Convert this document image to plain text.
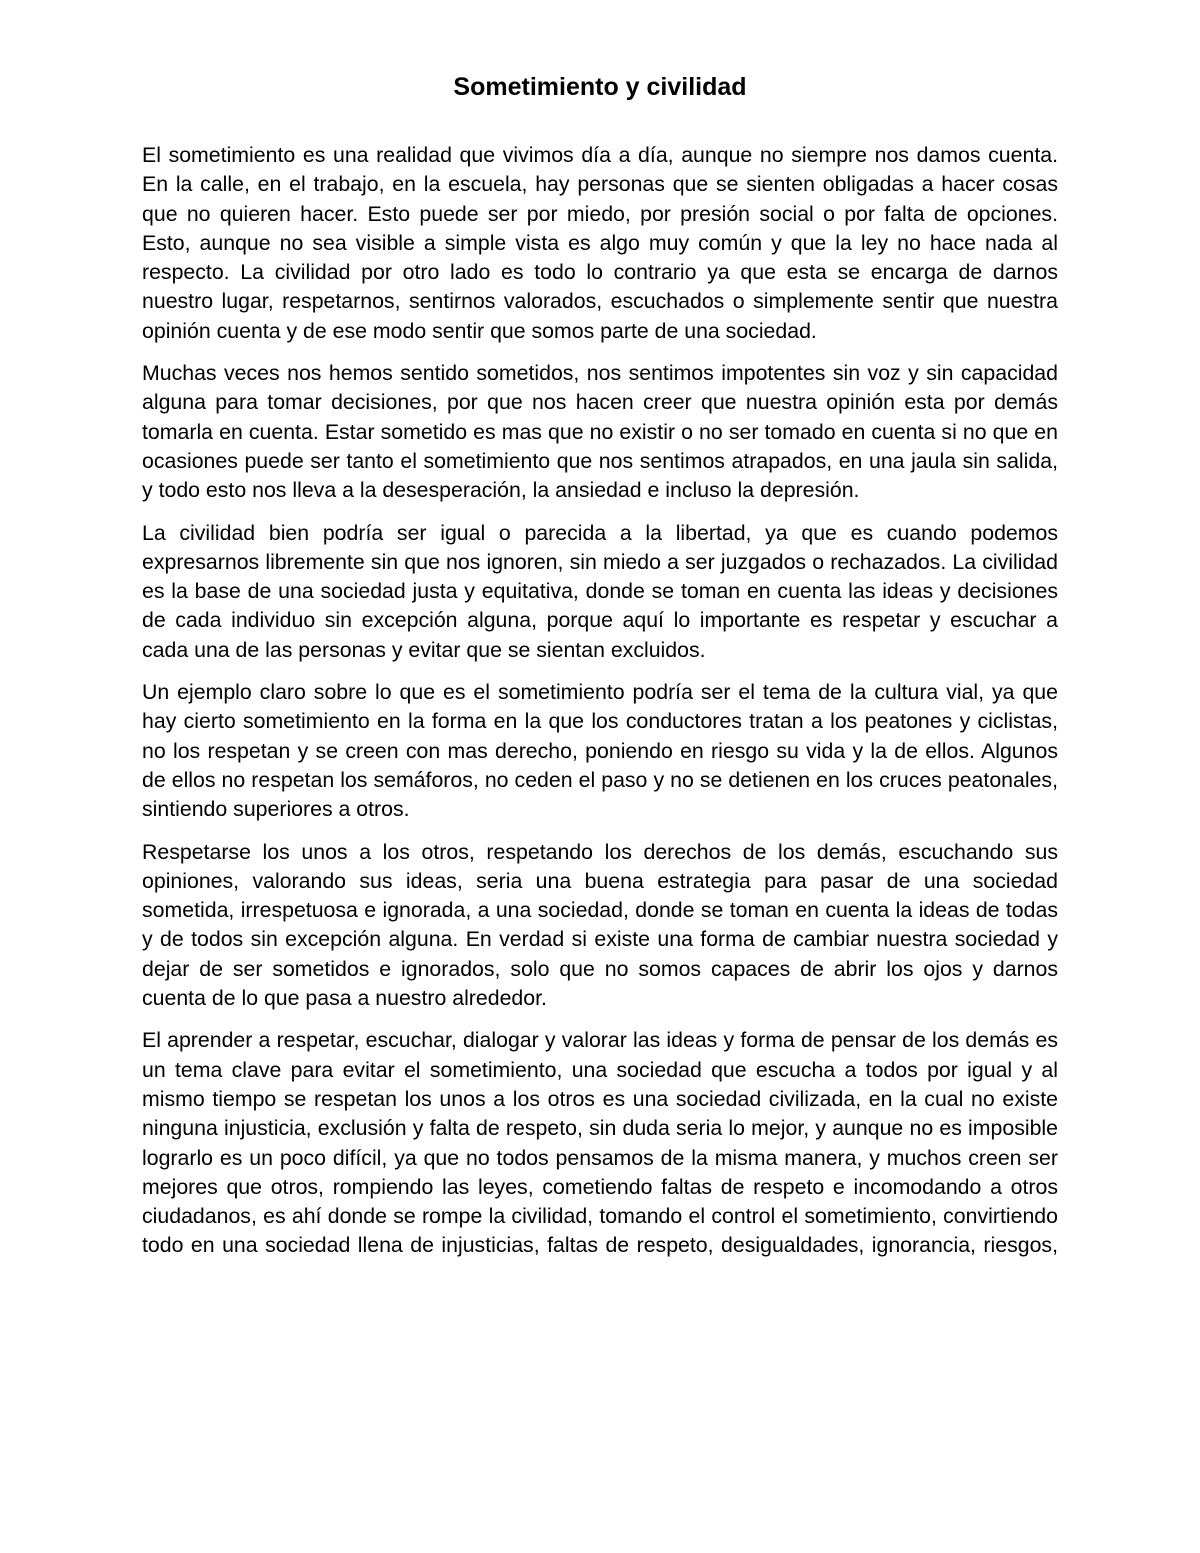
Sometimiento y civilidad

El sometimiento es una realidad que vivimos día a día, aunque no siempre nos damos cuenta. En la calle, en el trabajo, en la escuela, hay personas que se sienten obligadas a hacer cosas que no quieren hacer. Esto puede ser por miedo, por presión social o por falta de opciones. Esto, aunque no sea visible a simple vista es algo muy común y que la ley no hace nada al respecto. La civilidad por otro lado es todo lo contrario ya que esta se encarga de darnos nuestro lugar, respetarnos, sentirnos valorados, escuchados o simplemente sentir que nuestra opinión cuenta y de ese modo sentir que somos parte de una sociedad.

Muchas veces nos hemos sentido sometidos, nos sentimos impotentes sin voz y sin capacidad alguna para tomar decisiones, por que nos hacen creer que nuestra opinión esta por demás tomarla en cuenta. Estar sometido es mas que no existir o no ser tomado en cuenta si no que en ocasiones puede ser tanto el sometimiento que nos sentimos atrapados, en una jaula sin salida, y todo esto nos lleva a la desesperación, la ansiedad e incluso la depresión.

La civilidad bien podría ser igual o parecida a la libertad, ya que es cuando podemos expresarnos libremente sin que nos ignoren, sin miedo a ser juzgados o rechazados. La civilidad es la base de una sociedad justa y equitativa, donde se toman en cuenta las ideas y decisiones de cada individuo sin excepción alguna, porque aquí lo importante es respetar y escuchar a cada una de las personas y evitar que se sientan excluidos.

Un ejemplo claro sobre lo que es el sometimiento podría ser el tema de la cultura vial, ya que hay cierto sometimiento en la forma en la que los conductores tratan a los peatones y ciclistas, no los respetan y se creen con mas derecho, poniendo en riesgo su vida y la de ellos. Algunos de ellos no respetan los semáforos, no ceden el paso y no se detienen en los cruces peatonales, sintiendo superiores a otros.

Respetarse los unos a los otros, respetando los derechos de los demás, escuchando sus opiniones, valorando sus ideas, seria una buena estrategia para pasar de una sociedad sometida, irrespetuosa e ignorada, a una sociedad, donde se toman en cuenta la ideas de todas y de todos sin excepción alguna. En verdad si existe una forma de cambiar nuestra sociedad y dejar de ser sometidos e ignorados, solo que no somos capaces de abrir los ojos y darnos cuenta de lo que pasa a nuestro alrededor.

El aprender a respetar, escuchar, dialogar y valorar las ideas y forma de pensar de los demás es un tema clave para evitar el sometimiento, una sociedad que escucha a todos por igual y al mismo tiempo se respetan los unos a los otros es una sociedad civilizada, en la cual no existe ninguna injusticia, exclusión y falta de respeto, sin duda seria lo mejor, y aunque no es imposible lograrlo es un poco difícil, ya que no todos pensamos de la misma manera, y muchos creen ser mejores que otros, rompiendo las leyes, cometiendo faltas de respeto e incomodando a otros ciudadanos, es ahí donde se rompe la civilidad, tomando el control el sometimiento, convirtiendo todo en una sociedad llena de injusticias, faltas de respeto, desigualdades, ignorancia, riesgos,
